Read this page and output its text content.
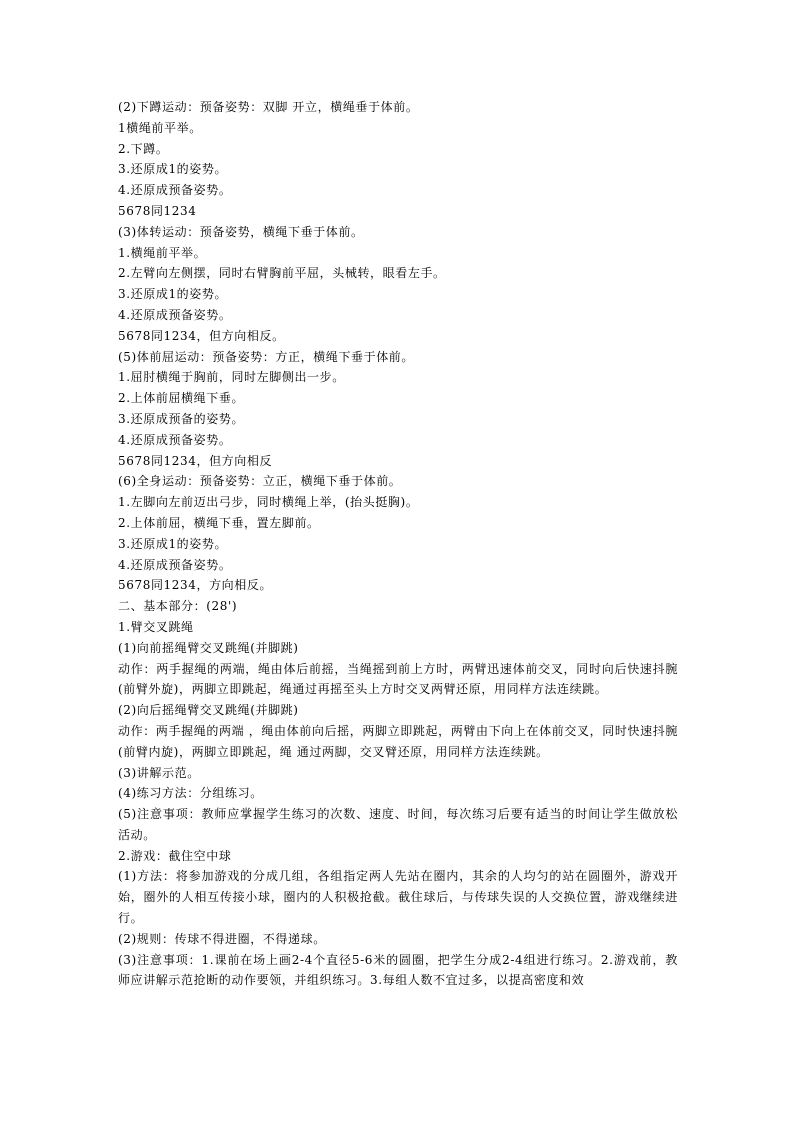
(2)下蹲运动：预备姿势：双脚 开立，横绳垂于体前。
1横绳前平举。
2.下蹲。
3.还原成1的姿势。
4.还原成预备姿势。
5678同1234
(3)体转运动：预备姿势，横绳下垂于体前。
1.横绳前平举。
2.左臂向左侧摆，同时右臂胸前平屈，头械转，眼看左手。
3.还原成1的姿势。
4.还原成预备姿势。
5678同1234，但方向相反。
(5)体前屈运动：预备姿势：方正，横绳下垂于体前。
1.屈肘横绳于胸前，同时左脚侧出一步。
2.上体前屈横绳下垂。
3.还原成预备的姿势。
4.还原成预备姿势。
5678同1234，但方向相反
(6)全身运动：预备姿势：立正，横绳下垂于体前。
1.左脚向左前迈出弓步，同时横绳上举，(抬头挺胸)。
2.上体前屈，横绳下垂，置左脚前。
3.还原成1的姿势。
4.还原成预备姿势。
5678同1234，方向相反。
二、基本部分：(28')
1.臂交叉跳绳
(1)向前摇绳臂交叉跳绳(并脚跳)
动作：两手握绳的两端，绳由体后前摇，当绳摇到前上方时，两臂迅速体前交叉，同时向后快速抖腕(前臂外旋)，两脚立即跳起，绳通过再摇至头上方时交叉两臂还原，用同样方法连续跳。
(2)向后摇绳臂交叉跳绳(并脚跳)
动作：两手握绳的两端 ，绳由体前向后摇，两脚立即跳起，两臂由下向上在体前交叉，同时快速抖腕(前臂内旋)，两脚立即跳起，绳 通过两脚，交叉臂还原，用同样方法连续跳。
(3)讲解示范。
(4)练习方法：分组练习。
(5)注意事项：教师应掌握学生练习的次数、速度、时间，每次练习后要有适当的时间让学生做放松活动。
2.游戏：截住空中球
(1)方法：将参加游戏的分成几组，各组指定两人先站在圈内，其余的人均匀的站在圆圈外，游戏开始，圈外的人相互传接小球，圈内的人积极抢截。截住球后，与传球失误的人交换位置，游戏继续进行。
(2)规则：传球不得进圈，不得递球。
(3)注意事项：1.课前在场上画2-4个直径5-6米的圆圈，把学生分成2-4组进行练习。2.游戏前，教师应讲解示范抢断的动作要领，并组织练习。3.每组人数不宜过多，以提高密度和效
